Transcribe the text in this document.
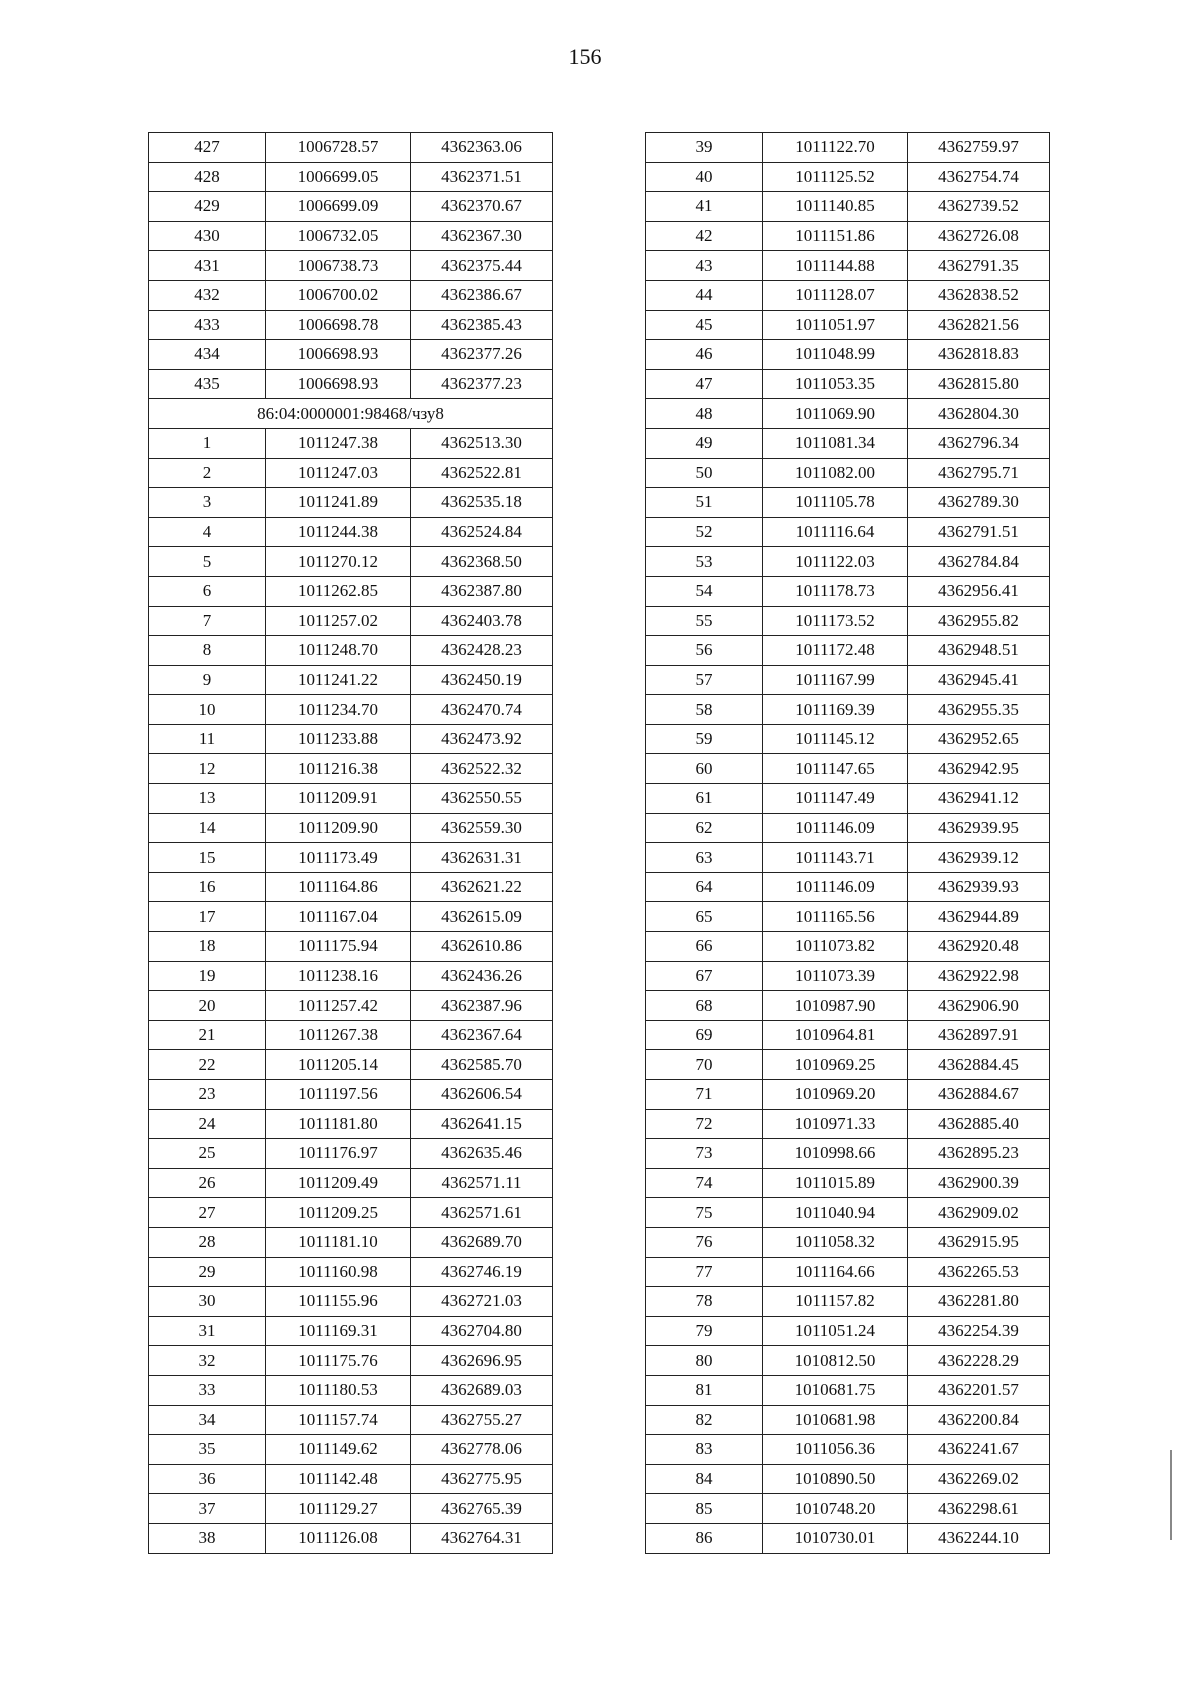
156
427	1006728.57	4362363.06
428	1006699.05	4362371.51
429	1006699.09	4362370.67
430	1006732.05	4362367.30
431	1006738.73	4362375.44
432	1006700.02	4362386.67
433	1006698.78	4362385.43
434	1006698.93	4362377.26
435	1006698.93	4362377.23
86:04:0000001:98468/чзу8		
1	1011247.38	4362513.30
2	1011247.03	4362522.81
3	1011241.89	4362535.18
4	1011244.38	4362524.84
5	1011270.12	4362368.50
6	1011262.85	4362387.80
7	1011257.02	4362403.78
8	1011248.70	4362428.23
9	1011241.22	4362450.19
10	1011234.70	4362470.74
11	1011233.88	4362473.92
12	1011216.38	4362522.32
13	1011209.91	4362550.55
14	1011209.90	4362559.30
15	1011173.49	4362631.31
16	1011164.86	4362621.22
17	1011167.04	4362615.09
18	1011175.94	4362610.86
19	1011238.16	4362436.26
20	1011257.42	4362387.96
21	1011267.38	4362367.64
22	1011205.14	4362585.70
23	1011197.56	4362606.54
24	1011181.80	4362641.15
25	1011176.97	4362635.46
26	1011209.49	4362571.11
27	1011209.25	4362571.61
28	1011181.10	4362689.70
29	1011160.98	4362746.19
30	1011155.96	4362721.03
31	1011169.31	4362704.80
32	1011175.76	4362696.95
33	1011180.53	4362689.03
34	1011157.74	4362755.27
35	1011149.62	4362778.06
36	1011142.48	4362775.95
37	1011129.27	4362765.39
38	1011126.08	4362764.31
39	1011122.70	4362759.97
40	1011125.52	4362754.74
41	1011140.85	4362739.52
42	1011151.86	4362726.08
43	1011144.88	4362791.35
44	1011128.07	4362838.52
45	1011051.97	4362821.56
46	1011048.99	4362818.83
47	1011053.35	4362815.80
48	1011069.90	4362804.30
49	1011081.34	4362796.34
50	1011082.00	4362795.71
51	1011105.78	4362789.30
52	1011116.64	4362791.51
53	1011122.03	4362784.84
54	1011178.73	4362956.41
55	1011173.52	4362955.82
56	1011172.48	4362948.51
57	1011167.99	4362945.41
58	1011169.39	4362955.35
59	1011145.12	4362952.65
60	1011147.65	4362942.95
61	1011147.49	4362941.12
62	1011146.09	4362939.95
63	1011143.71	4362939.12
64	1011146.09	4362939.93
65	1011165.56	4362944.89
66	1011073.82	4362920.48
67	1011073.39	4362922.98
68	1010987.90	4362906.90
69	1010964.81	4362897.91
70	1010969.25	4362884.45
71	1010969.20	4362884.67
72	1010971.33	4362885.40
73	1010998.66	4362895.23
74	1011015.89	4362900.39
75	1011040.94	4362909.02
76	1011058.32	4362915.95
77	1011164.66	4362265.53
78	1011157.82	4362281.80
79	1011051.24	4362254.39
80	1010812.50	4362228.29
81	1010681.75	4362201.57
82	1010681.98	4362200.84
83	1011056.36	4362241.67
84	1010890.50	4362269.02
85	1010748.20	4362298.61
86	1010730.01	4362244.10
